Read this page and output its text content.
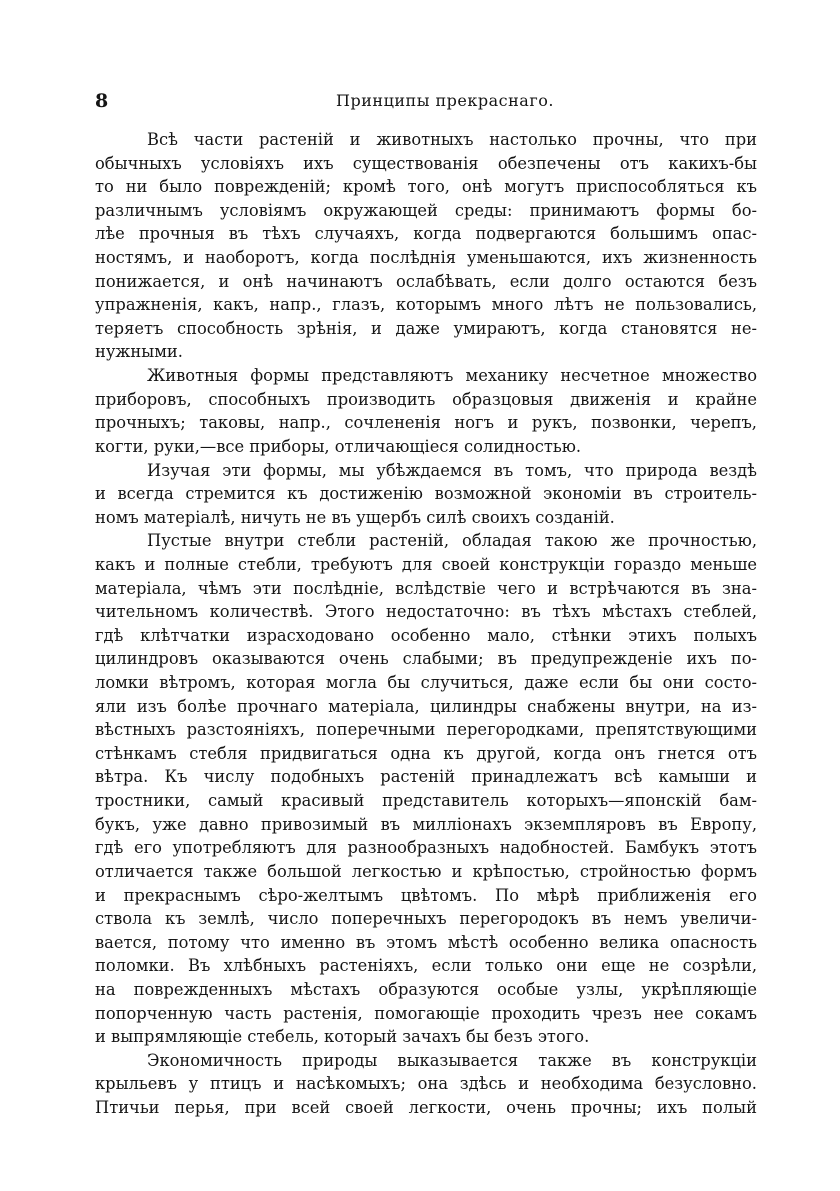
8	Принципы прекраснаго.
Всѣ части растеній и животныхъ настолько прочны, что при
обычныхъ условіяхъ ихъ существованія обезпечены отъ какихъ-бы
то ни было поврежденій; кромѣ того, онѣ могутъ приспособляться къ
различнымъ условіямъ окружающей среды: принимаютъ формы бо-
лѣе прочныя въ тѣхъ случаяхъ, когда подвергаются большимъ опас-
ностямъ, и наоборотъ, когда послѣднія уменьшаются, ихъ жизненность
понижается, и онѣ начинаютъ ослабѣвать, если долго остаются безъ
упражненія, какъ, напр., глазъ, которымъ много лѣтъ не пользовались,
теряетъ способность зрѣнія, и даже умираютъ, когда становятся не-
нужными.
Животныя формы представляютъ механику несчетное множество
приборовъ, способныхъ производить образцовыя движенія и крайне
прочныхъ; таковы, напр., сочлененія ногъ и рукъ, позвонки, черепъ,
когти, руки,—все приборы, отличающіеся солидностью.
Изучая эти формы, мы убѣждаемся въ томъ, что природа вездѣ
и всегда стремится къ достиженію возможной экономіи въ строитель-
номъ матеріалѣ, ничуть не въ ущербъ силѣ своихъ созданій.
Пустые внутри стебли растеній, обладая такою же прочностью,
какъ и полные стебли, требуютъ для своей конструкціи гораздо меньше
матеріала, чѣмъ эти послѣдніе, вслѣдствіе чего и встрѣчаются въ зна-
чительномъ количествѣ. Этого недостаточно: въ тѣхъ мѣстахъ стеблей,
гдѣ клѣтчатки израсходовано особенно мало, стѣнки этихъ полыхъ
цилиндровъ оказываются очень слабыми; въ предупрежденіе ихъ по-
ломки вѣтромъ, которая могла бы случиться, даже если бы они состо-
яли изъ болѣе прочнаго матеріала, цилиндры снабжены внутри, на из-
вѣстныхъ разстояніяхъ, поперечными перегородками, препятствующими
стѣнкамъ стебля придвигаться одна къ другой, когда онъ гнется отъ
вѣтра. Къ числу подобныхъ растеній принадлежатъ всѣ камыши и
тростники, самый красивый представитель которыхъ—японскій бам-
букъ, уже давно привозимый въ милліонахъ экземпляровъ въ Европу,
гдѣ его употребляютъ для разнообразныхъ надобностей. Бамбукъ этотъ
отличается также большой легкостью и крѣпостью, стройностью формъ
и прекраснымъ сѣро-желтымъ цвѣтомъ. По мѣрѣ приближенія его
ствола къ землѣ, число поперечныхъ перегородокъ въ немъ увеличи-
вается, потому что именно въ этомъ мѣстѣ особенно велика опасность
поломки. Въ хлѣбныхъ растеніяхъ, если только они еще не созрѣли,
на поврежденныхъ мѣстахъ образуются особые узлы, укрѣпляющіе
попорченную часть растенія, помогающіе проходить чрезъ нее сокамъ
и выпрямляющіе стебель, который зачахъ бы безъ этого.
Экономичность природы выказывается также въ конструкціи
крыльевъ у птицъ и насѣкомыхъ; она здѣсь и необходима безусловно.
Птичьи перья, при всей своей легкости, очень прочны; ихъ полый
